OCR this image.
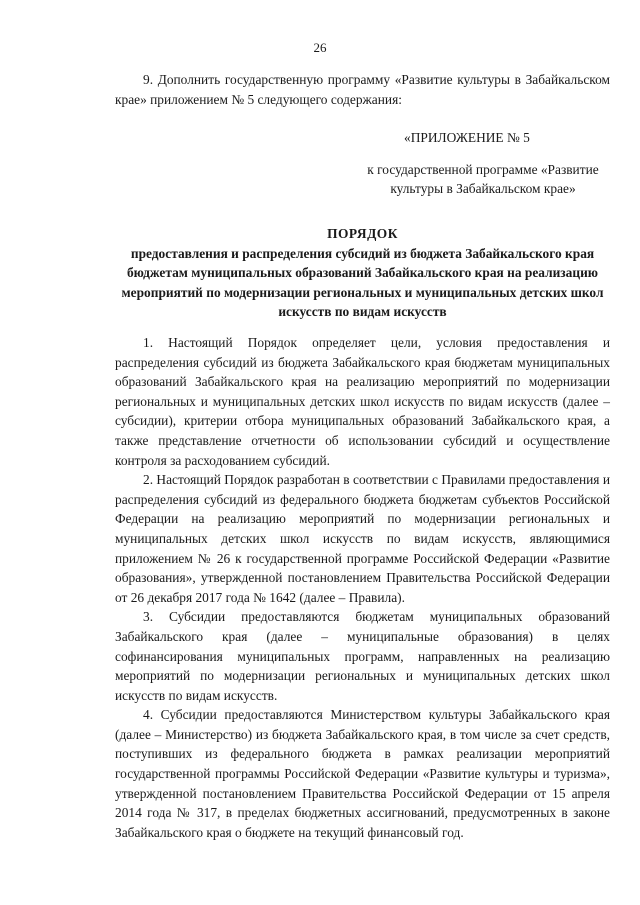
26

9. Дополнить государственную программу «Развитие культуры в Забайкальском крае» приложением № 5 следующего содержания:

«ПРИЛОЖЕНИЕ № 5
к государственной программе «Развитие культуры в Забайкальском крае»
ПОРЯДОК
предоставления и распределения субсидий из бюджета Забайкальского края бюджетам муниципальных образований Забайкальского края на реализацию мероприятий по модернизации региональных и муниципальных детских школ искусств по видам искусств

1. Настоящий Порядок определяет цели, условия предоставления и распределения субсидий из бюджета Забайкальского края бюджетам муниципальных образований Забайкальского края на реализацию мероприятий по модернизации региональных и муниципальных детских школ искусств по видам искусств (далее – субсидии), критерии отбора муниципальных образований Забайкальского края, а также представление отчетности об использовании субсидий и осуществление контроля за расходованием субсидий.

2. Настоящий Порядок разработан в соответствии с Правилами предоставления и распределения субсидий из федерального бюджета бюджетам субъектов Российской Федерации на реализацию мероприятий по модернизации региональных и муниципальных детских школ искусств по видам искусств, являющимися приложением № 26 к государственной программе Российской Федерации «Развитие образования», утвержденной постановлением Правительства Российской Федерации от 26 декабря 2017 года № 1642 (далее – Правила).

3. Субсидии предоставляются бюджетам муниципальных образований Забайкальского края (далее – муниципальные образования) в целях софинансирования муниципальных программ, направленных на реализацию мероприятий по модернизации региональных и муниципальных детских школ искусств по видам искусств.

4. Субсидии предоставляются Министерством культуры Забайкальского края (далее – Министерство) из бюджета Забайкальского края, в том числе за счет средств, поступивших из федерального бюджета в рамках реализации мероприятий государственной программы Российской Федерации «Развитие культуры и туризма», утвержденной постановлением Правительства Российской Федерации от 15 апреля 2014 года № 317, в пределах бюджетных ассигнований, предусмотренных в законе Забайкальского края о бюджете на текущий финансовый год.
